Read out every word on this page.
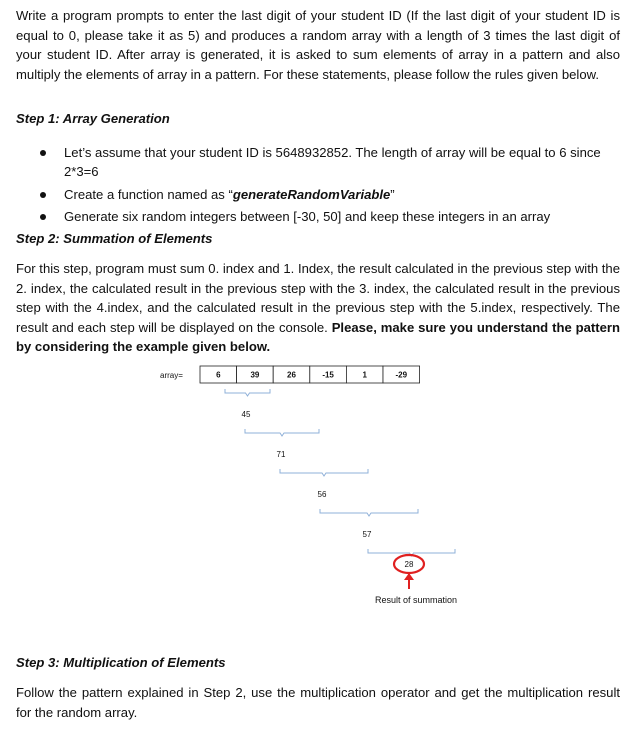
Write a program prompts to enter the last digit of your student ID (If the last digit of your student ID is equal to 0, please take it as 5) and produces a random array with a length of 3 times the last digit of your student ID. After array is generated, it is asked to sum elements of array in a pattern and also multiply the elements of array in a pattern. For these statements, please follow the rules given below.
Step 1: Array Generation
Let’s assume that your student ID is 5648932852. The length of array will be equal to 6 since 2*3=6
Create a function named as “generateRandomVariable”
Generate six random integers between [-30, 50] and keep these integers in an array
Step 2: Summation of Elements
For this step, program must sum 0. index and 1. Index, the result calculated in the previous step with the 2. index, the calculated result in the previous step with the 3. index, the calculated result in the previous step with the 4.index, and the calculated result in the previous step with the 5.index, respectively. The result and each step will be displayed on the console. Please, make sure you understand the pattern by considering the example given below.
array=	6	39	26	-15	1	-29
45
71
56
57
28
Result of summation
Step 3: Multiplication of Elements
Follow the pattern explained in Step 2, use the multiplication operator and get the multiplication result for the random array.
